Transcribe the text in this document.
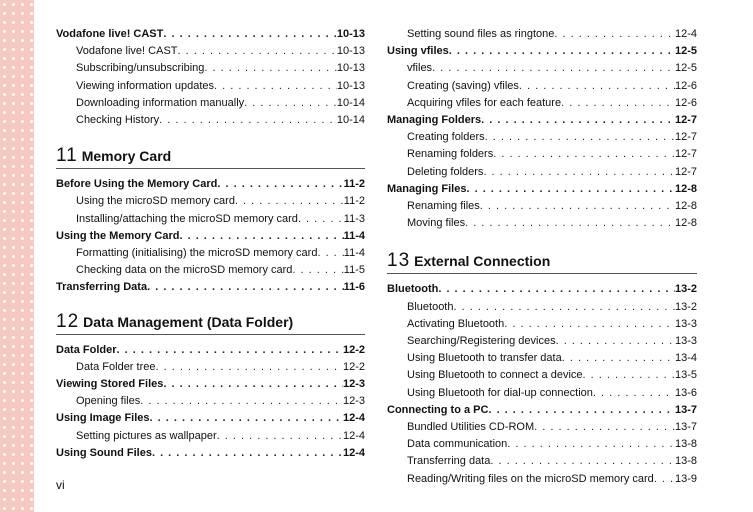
Vodafone live! CAST . . .	10-13
Vodafone live! CAST . . .	10-13
Subscribing/unsubscribing . . .	10-13
Viewing information updates . . .	10-13
Downloading information manually . . .	10-14
Checking History . . .	10-14
11 Memory Card
Before Using the Memory Card . . .	11-2
Using the microSD memory card . . .	11-2
Installing/attaching the microSD memory card . . .	11-3
Using the Memory Card . . .	11-4
Formatting (initialising) the microSD memory card . . . 11-4
Checking data on the microSD memory card . . .	11-5
Transferring Data . . .	11-6
12 Data Management (Data Folder)
Data Folder . . .	12-2
Data Folder tree . . .	12-2
Viewing Stored Files . . .	12-3
Opening files . . .	12-3
Using Image Files . . .	12-4
Setting pictures as wallpaper . . .	12-4
Using Sound Files . . .	12-4
Setting sound files as ringtone . . .	12-4
Using vfiles . . .	12-5
vfiles . . .	12-5
Creating (saving) vfiles . . .	12-6
Acquiring vfiles for each feature . . .	12-6
Managing Folders . . .	12-7
Creating folders . . .	12-7
Renaming folders . . .	12-7
Deleting folders . . .	12-7
Managing Files . . .	12-8
Renaming files . . .	12-8
Moving files . . .	12-8
13 External Connection
Bluetooth . . .	13-2
Bluetooth . . .	13-2
Activating Bluetooth . . .	13-3
Searching/Registering devices . . .	13-3
Using Bluetooth to transfer data . . .	13-4
Using Bluetooth to connect a device . . .	13-5
Using Bluetooth for dial-up connection . . .	13-6
Connecting to a PC . . .	13-7
Bundled Utilities CD-ROM . . .	13-7
Data communication . . .	13-8
Transferring data . . .	13-8
Reading/Writing files on the microSD memory card . . . 13-9
vi
